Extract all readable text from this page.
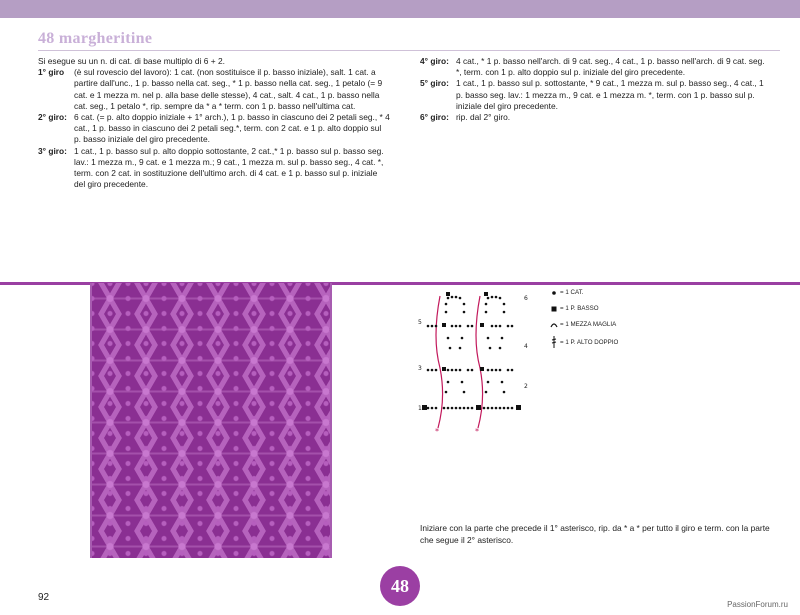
48 margheritine
Si esegue su un n. di cat. di base multiplo di 6 + 2.
1° giro	(è sul rovescio del lavoro): 1 cat. (non sostituisce il p. basso iniziale), salt. 1 cat. a partire dall'unc., 1 p. basso nella cat. seg., * 1 p. basso nella cat. seg., 1 petalo (= 9 cat. e 1 mezza m. nel p. alla base delle stesse), 4 cat., salt. 4 cat., 1 p. basso nella cat. seg., 1 petalo *, rip. sempre da * a * term. con 1 p. basso nell'ultima cat.
2° giro: 6 cat. (= p. alto doppio iniziale + 1° arch.), 1 p. basso in ciascuno dei 2 petali seg., * 4 cat., 1 p. basso in ciascuno dei 2 petali seg.*, term. con 2 cat. e 1 p. alto doppio sul p. basso iniziale del giro precedente.
3° giro: 1 cat., 1 p. basso sul p. alto doppio sottostante, 2 cat.,* 1 p. basso sul p. basso seg. lav.: 1 mezza m., 9 cat. e 1 mezza m.; 9 cat., 1 mezza m. sul p. basso seg., 4 cat. *, term. con 2 cat. in sostituzione dell'ultimo arch. di 4 cat. e 1 p. basso sul p. iniziale del giro precedente.
4° giro: 4 cat., * 1 p. basso nell'arch. di 9 cat. seg., 4 cat., 1 p. basso nell'arch. di 9 cat. seg. *, term. con 1 p. alto doppio sul p. iniziale del giro precedente.
5° giro: 1 cat., 1 p. basso sul p. sottostante, * 9 cat., 1 mezza m. sul p. basso seg., 4 cat., 1 p. basso seg. lav.: 1 mezza m., 9 cat. e 1 mezza m. *, term. con 1 p. basso sul p. iniziale del giro precedente.
6° giro: rip. dal 2° giro.
*	*
5
3
1
6
2
4
= 1 CAT.
= 1 P. BASSO
= 1 MEZZA MAGLIA
= 1 P. ALTO DOPPIO
Iniziare con la parte che precede il 1° asterisco, rip. da * a * per tutto il giro e term. con la parte che segue il 2° asterisco.
92
48
PassionForum.ru
